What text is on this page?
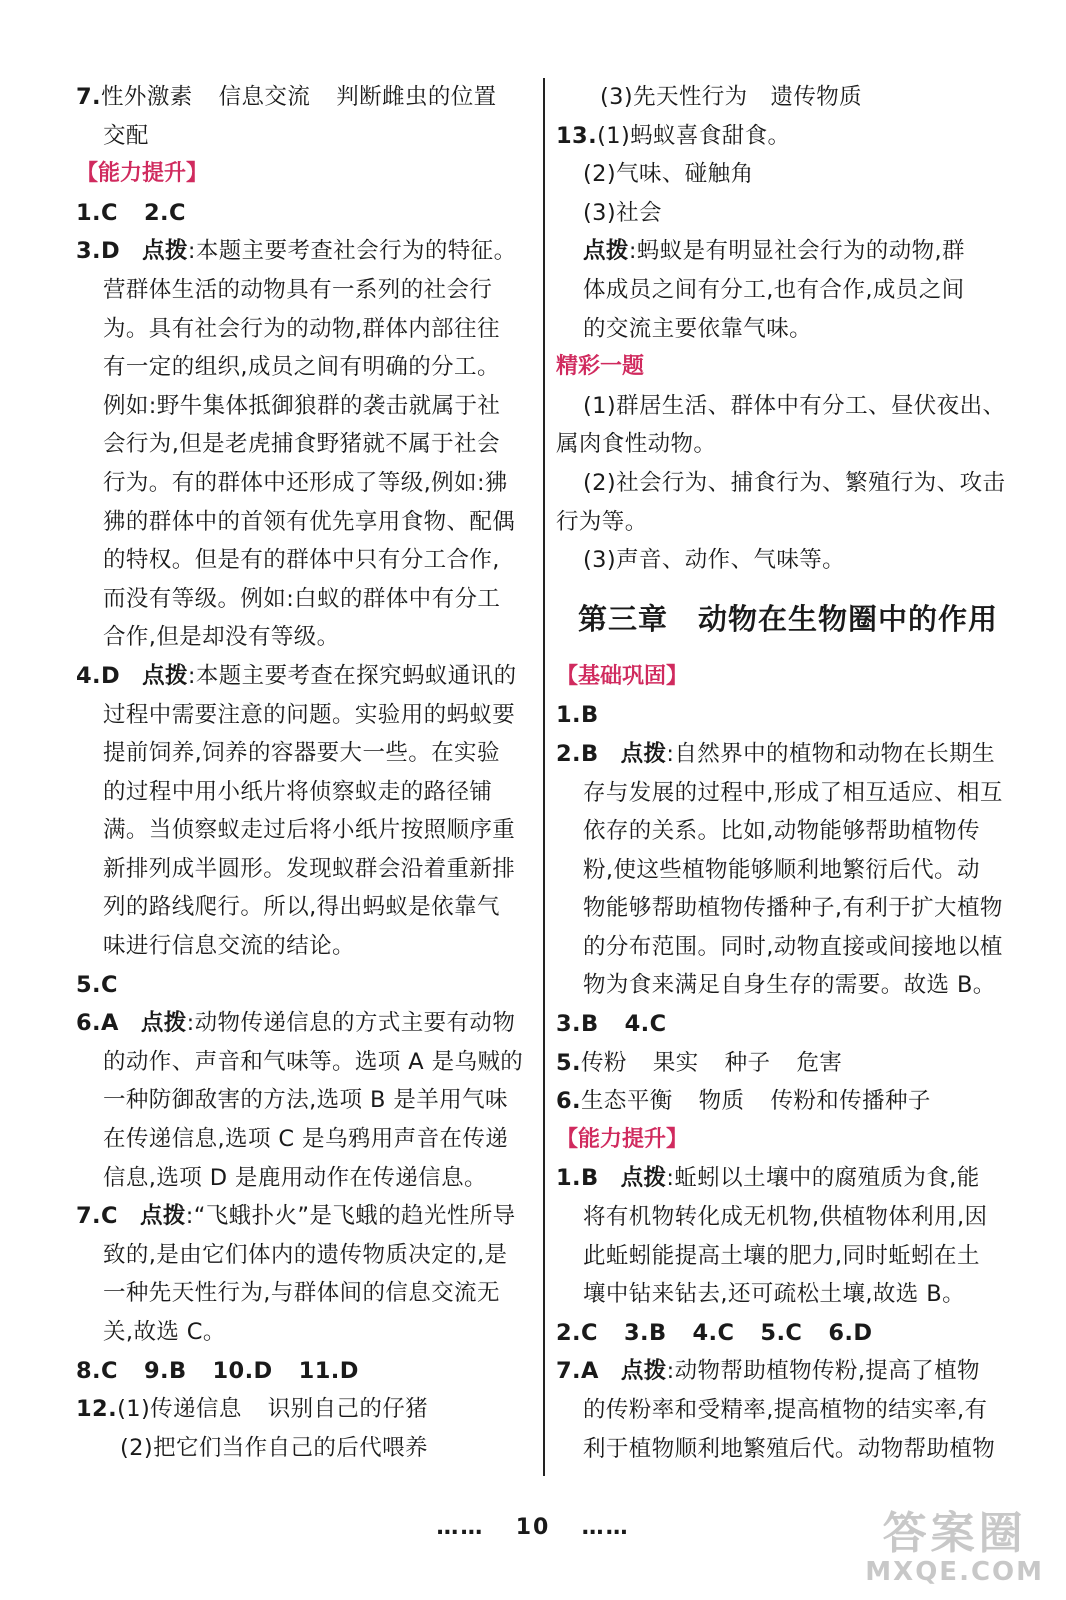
7.性外激素 信息交流 判断雌虫的位置
交配
【能力提升】
1.C 2.C
3.D 点拨:本题主要考查社会行为的特征。
营群体生活的动物具有一系列的社会行
为。具有社会行为的动物,群体内部往往
有一定的组织,成员之间有明确的分工。
例如:野牛集体抵御狼群的袭击就属于社
会行为,但是老虎捕食野猪就不属于社会
行为。有的群体中还形成了等级,例如:狒
狒的群体中的首领有优先享用食物、配偶
的特权。但是有的群体中只有分工合作,
而没有等级。例如:白蚁的群体中有分工
合作,但是却没有等级。
4.D 点拨:本题主要考查在探究蚂蚁通讯的
过程中需要注意的问题。实验用的蚂蚁要
提前饲养,饲养的容器要大一些。在实验
的过程中用小纸片将侦察蚁走的路径铺
满。当侦察蚁走过后将小纸片按照顺序重
新排列成半圆形。发现蚁群会沿着重新排
列的路线爬行。所以,得出蚂蚁是依靠气
味进行信息交流的结论。
5.C
6.A 点拨:动物传递信息的方式主要有动物
的动作、声音和气味等。选项 A 是乌贼的
一种防御敌害的方法,选项 B 是羊用气味
在传递信息,选项 C 是乌鸦用声音在传递
信息,选项 D 是鹿用动作在传递信息。
7.C 点拨:“飞蛾扑火”是飞蛾的趋光性所导
致的,是由它们体内的遗传物质决定的,是
一种先天性行为,与群体间的信息交流无
关,故选 C。
8.C 9.B 10.D 11.D
12.(1)传递信息 识别自己的仔猪
(2)把它们当作自己的后代喂养
(3)先天性行为　遗传物质
13.(1)蚂蚁喜食甜食。
(2)气味、碰触角
(3)社会
点拨:蚂蚁是有明显社会行为的动物,群
体成员之间有分工,也有合作,成员之间
的交流主要依靠气味。
精彩一题
(1)群居生活、群体中有分工、昼伏夜出、
属肉食性动物。
(2)社会行为、捕食行为、繁殖行为、攻击
行为等。
(3)声音、动作、气味等。
第三章 动物在生物圈中的作用
【基础巩固】
1.B
2.B 点拨:自然界中的植物和动物在长期生
存与发展的过程中,形成了相互适应、相互
依存的关系。比如,动物能够帮助植物传
粉,使这些植物能够顺利地繁衍后代。动
物能够帮助植物传播种子,有利于扩大植物
的分布范围。同时,动物直接或间接地以植
物为食来满足自身生存的需要。故选 B。
3.B 4.C
5.传粉 果实 种子 危害
6.生态平衡 物质 传粉和传播种子
【能力提升】
1.B 点拨:蚯蚓以土壤中的腐殖质为食,能
将有机物转化成无机物,供植物体利用,因
此蚯蚓能提高土壤的肥力,同时蚯蚓在土
壤中钻来钻去,还可疏松土壤,故选 B。
2.C 3.B 4.C 5.C 6.D
7.A 点拨:动物帮助植物传粉,提高了植物
的传粉率和受精率,提高植物的结实率,有
利于植物顺利地繁殖后代。动物帮助植物
…… 10 ……	答案圈
MXQE.COM
